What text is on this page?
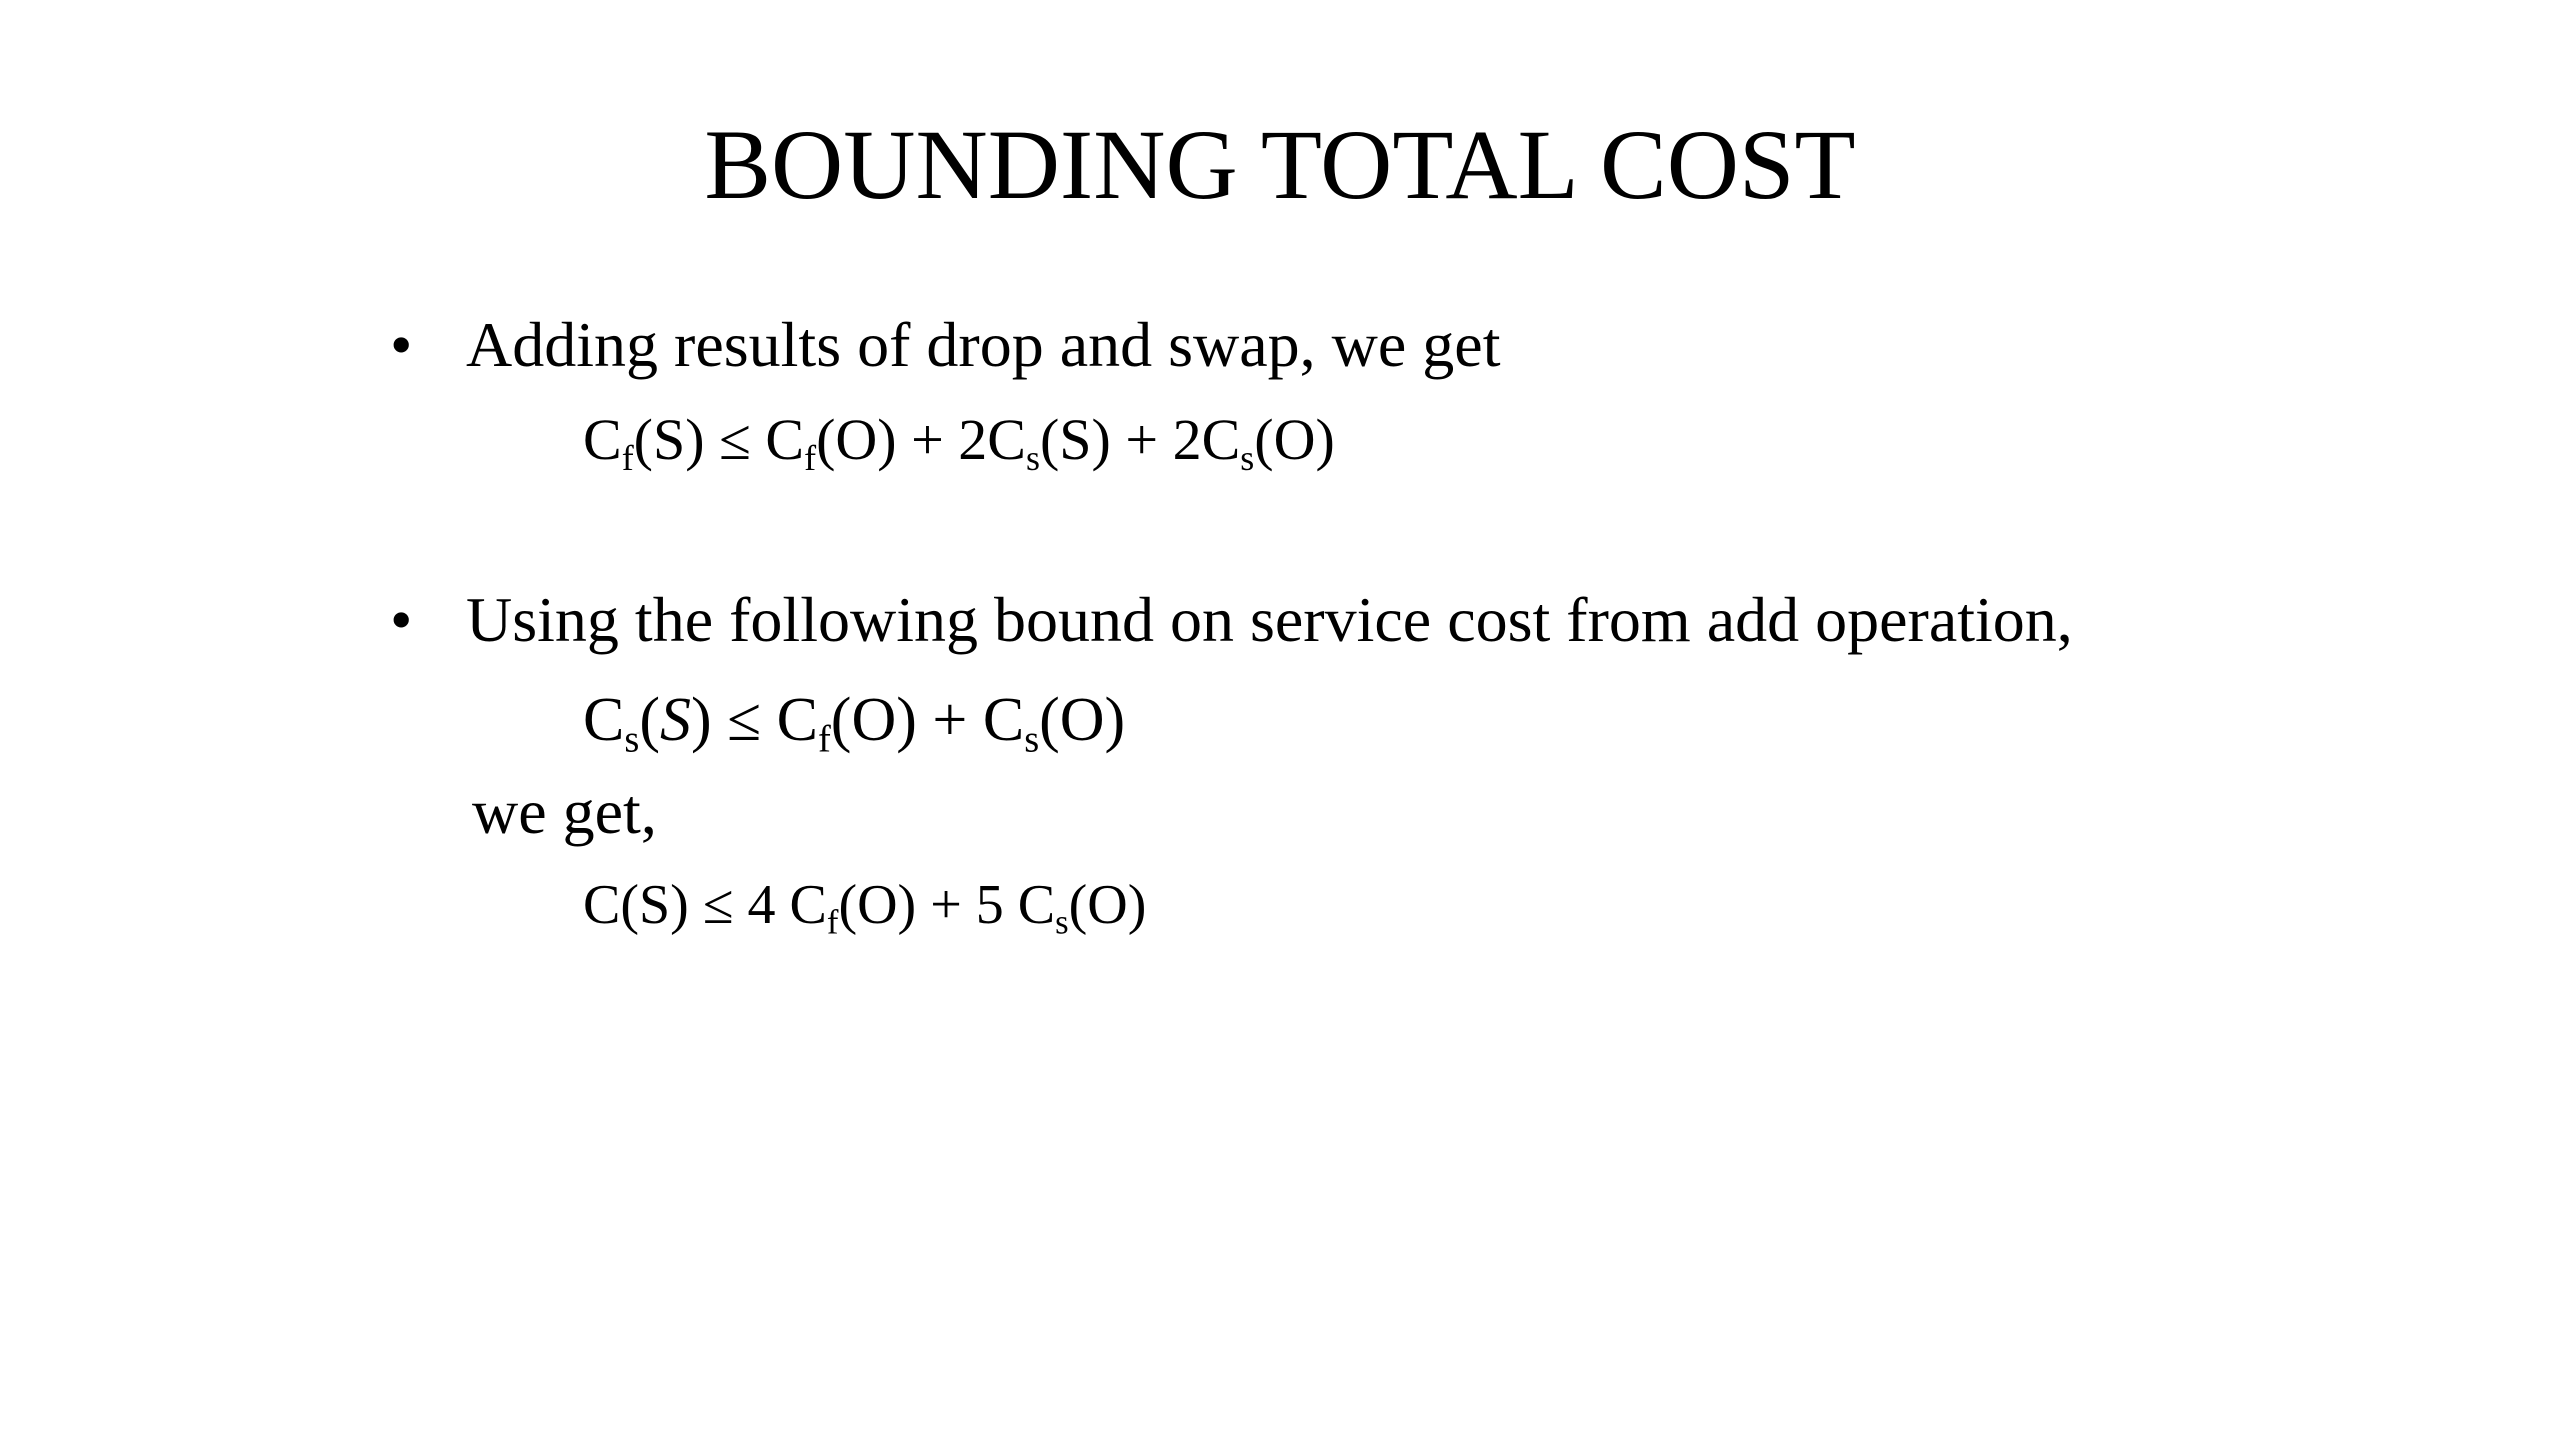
BOUNDING TOTAL COST
• Adding results of drop and swap, we get
$C_f(S) \le C_f(O) + 2C_s(S) + 2C_s(O)$
• Using the following bound on service cost from add operation,
$C_s(S) \le C_f(O) + C_s(O)$
we get,
C(S) ≤ 4 $C_f(O) + 5$ $C_s(O)$
